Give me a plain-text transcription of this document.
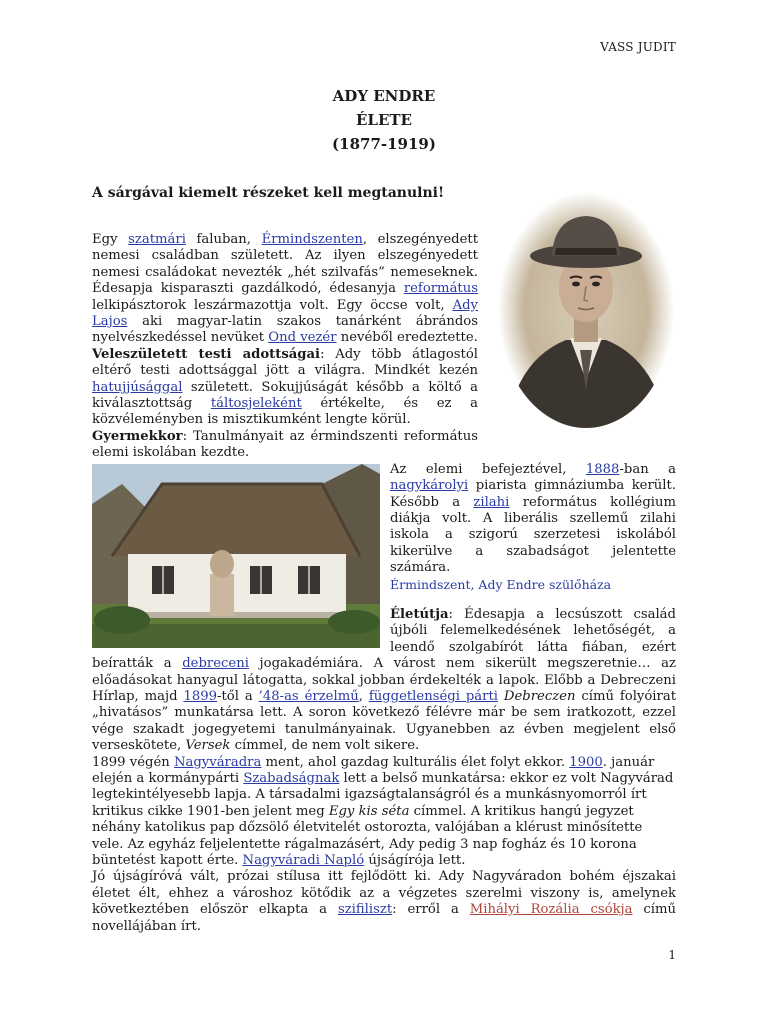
VASS JUDIT
ADY ENDRE
ÉLETE
(1877-1919)
A sárgával kiemelt részeket kell megtanulni!

Egy szatmári faluban, Érmindszenten, elszegényedett nemesi családban született. Az ilyen elszegényedett nemesi családokat nevezték „hét szilvafás” nemeseknek. Édesapja kisparaszti gazdálkodó, édesanyja református lelkipásztorok leszármazottja volt. Egy öccse volt, Ady Lajos aki magyar-latin szakos tanárként ábrándos nyelvészkedéssel nevüket Ond vezér nevéből eredeztette.

Veleszületett testi adottságai: Ady több átlagostól eltérő testi adottsággal jött a világra. Mindkét kezén hatujjúsággal született. Sokujjúságát később a költő a kiválasztottság táltosjeleként értékelte, és ez a közvéleményben is misztikumként lengte körül.

Gyermekkor: Tanulmányait az érmindszenti református elemi iskolában kezdte.

Az elemi befejeztével, 1888-ban a nagykárolyi piarista gimnáziumba került. Később a zilahi református kollégium diákja volt. A liberális szellemű zilahi iskola a szigorú szerzetesi iskolából kikerülve a szabadságot jelentette számára.
Érmindszent, Ady Endre szülőháza

Életútja: Édesapja a lecsúszott család újbóli felemelkedésének lehetőségét, a leendő szolgabírót látta fiában, ezért beíratták a debreceni jogakadémiára. A várost nem sikerült megszeretnie… az előadásokat hanyagul látogatta, sokkal jobban érdekelték a lapok. Előbb a Debreczeni Hírlap, majd 1899-től a ’48-as érzelmű, függetlenségi párti Debreczen című folyóirat „hivatásos” munkatársa lett. A soron következő félévre már be sem iratkozott, ezzel vége szakadt jogegyetemi tanulmányainak. Ugyanebben az évben megjelent első verseskötete, Versek címmel, de nem volt sikere.

1899 végén Nagyváradra ment, ahol gazdag kulturális élet folyt ekkor. 1900. január elején a kormánypárti Szabadságnak lett a belső munkatársa: ekkor ez volt Nagyvárad legtekintélyesebb lapja. A társadalmi igazságtalanságról és a munkásnyomorról írt kritikus cikke 1901-ben jelent meg Egy kis séta címmel. A kritikus hangú jegyzet néhány katolikus pap dőzsölő életvitelét ostorozta, valójában a klérust minősítette vele. Az egyház feljelentette rágalmazásért, Ady pedig 3 nap fogház és 10 korona büntetést kapott érte. Nagyváradi Napló újságírója lett.

Jó újságíróvá vált, prózai stílusa itt fejlődött ki. Ady Nagyváradon bohém éjszakai életet élt, ehhez a városhoz kötődik az a végzetes szerelmi viszony is, amelynek következtében először elkapta a szifiliszt: erről a Mihályi Rozália csókja című novellájában írt.

1
